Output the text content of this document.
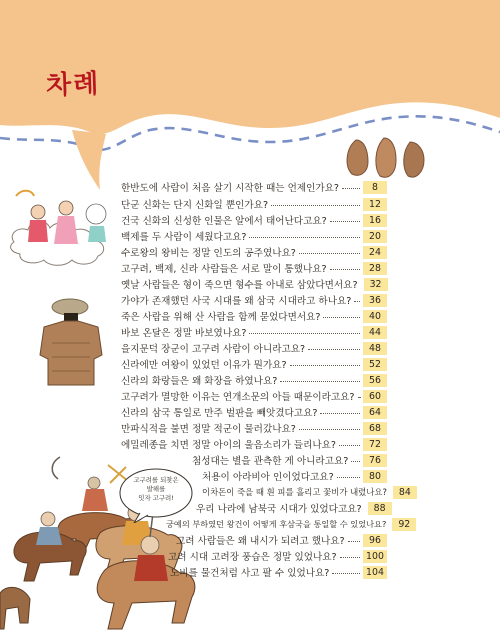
차례
고구려를 되찾은
발해를
잇자 고구려!
한반도에 사람이 처음 살기 시작한 때는 언제인가요?	8
단군 신화는 단지 신화일 뿐인가요?	12
건국 신화의 신성한 인물은 알에서 태어난다고요?	16
백제를 두 사람이 세웠다고요?	20
수로왕의 왕비는 정말 인도의 공주였나요?	24
고구려, 백제, 신라 사람들은 서로 말이 통했나요?	28
옛날 사람들은 형이 죽으면 형수를 아내로 삼았다면서요?	32
가야가 존재했던 사국 시대를 왜 삼국 시대라고 하나요?	36
죽은 사람을 위해 산 사람을 함께 묻었다면서요?	40
바보 온달은 정말 바보였나요?	44
을지문덕 장군이 고구려 사람이 아니라고요?	48
신라에만 여왕이 있었던 이유가 뭔가요?	52
신라의 화랑들은 왜 화장을 하였나요?	56
고구려가 멸망한 이유는 연개소문의 아들 때문이라고요?	60
신라의 삼국 통일로 만주 벌판을 빼앗겼다고요?	64
만파식적을 불면 정말 적군이 물러갔나요?	68
에밀레종을 치면 정말 아이의 울음소리가 들리나요?	72
첨성대는 별을 관측한 게 아니라고요?	76
처용이 아라비아 인이었다고요?	80
이차돈이 죽을 때 흰 피를 흘리고 꽃비가 내렸나요?	84
우리 나라에 남북국 시대가 있었다고요?	88
궁예의 부하였던 왕건이 어떻게 후삼국을 통일할 수 있었나요?	92
고려 사람들은 왜 내시가 되려고 했나요?	96
고려 시대 고려장 풍습은 정말 있었나요?	100
노비를 물건처럼 사고 팔 수 있었나요?	104
